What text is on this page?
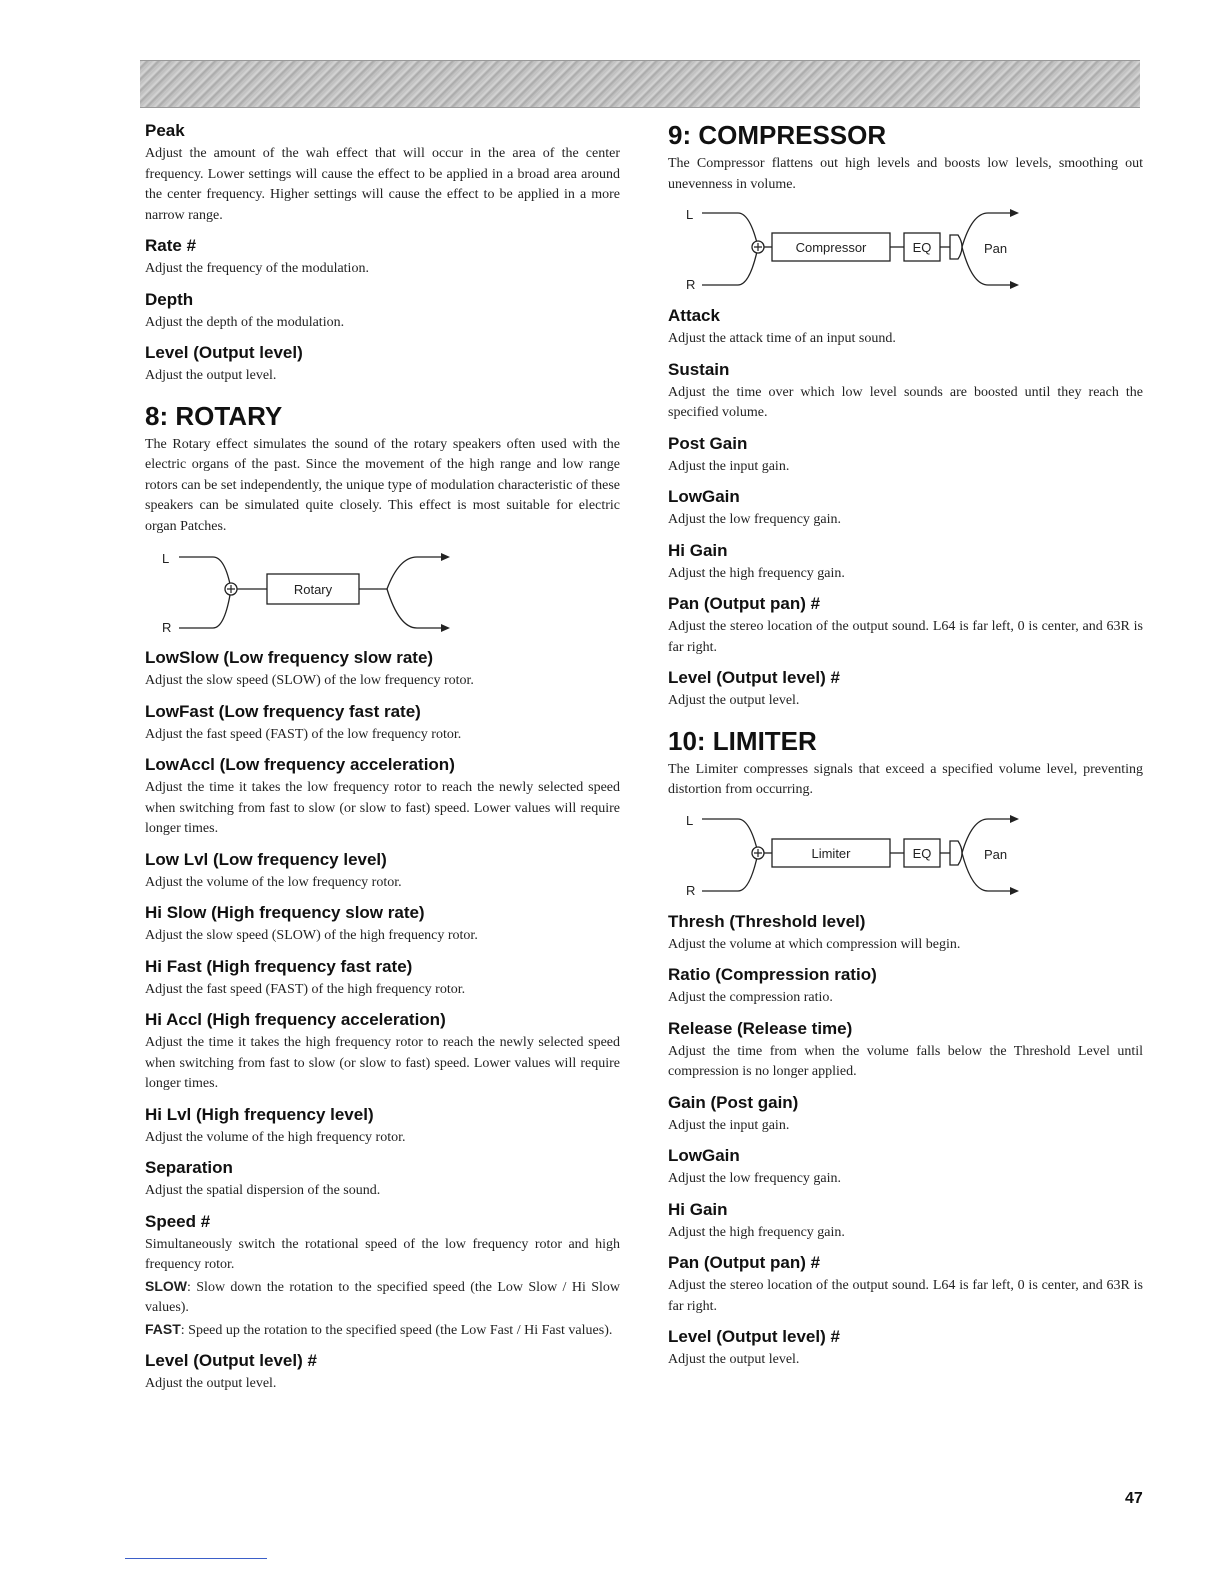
Peak

Adjust the amount of the wah effect that will occur in the area of the center frequency. Lower settings will cause the effect to be applied in a broad area around the center frequency. Higher settings will cause the effect to be applied in a more narrow range.

Rate #

Adjust the frequency of the modulation.

Depth

Adjust the depth of the modulation.

Level (Output level)

Adjust the output level.

8: ROTARY

The Rotary effect simulates the sound of the rotary speakers often used with the electric organs of the past. Since the movement of the high range and low range rotors can be set independently, the unique type of modulation characteristic of these speakers can be simulated quite closely. This effect is most suitable for electric organ Patches.

L
R
Rotary
LowSlow (Low frequency slow rate)

Adjust the slow speed (SLOW) of the low frequency rotor.

LowFast (Low frequency fast rate)

Adjust the fast speed (FAST) of the low frequency rotor.

LowAccl (Low frequency acceleration)

Adjust the time it takes the low frequency rotor to reach the newly selected speed when switching from fast to slow (or slow to fast) speed. Lower values will require longer times.

Low Lvl (Low frequency level)

Adjust the volume of the low frequency rotor.

Hi Slow (High frequency slow rate)

Adjust the slow speed (SLOW) of the high frequency rotor.

Hi Fast (High frequency fast rate)

Adjust the fast speed (FAST) of the high frequency rotor.

Hi Accl (High frequency acceleration)

Adjust the time it takes the high frequency rotor to reach the newly selected speed when switching from fast to slow (or slow to fast) speed. Lower values will require longer times.

Hi Lvl (High frequency level)

Adjust the volume of the high frequency rotor.

Separation

Adjust the spatial dispersion of the sound.

Speed #

Simultaneously switch the rotational speed of the low frequency rotor and high frequency rotor.

SLOW: Slow down the rotation to the specified speed (the Low Slow / Hi Slow values).

FAST: Speed up the rotation to the specified speed (the Low Fast / Hi Fast values).

Level (Output level) #

Adjust the output level.

9: COMPRESSOR

The Compressor flattens out high levels and boosts low levels, smoothing out unevenness in volume.

L
R
Compressor	EQ	Pan
Attack

Adjust the attack time of an input sound.

Sustain

Adjust the time over which low level sounds are boosted until they reach the specified volume.

Post Gain

Adjust the input gain.

LowGain

Adjust the low frequency gain.

Hi Gain

Adjust the high frequency gain.

Pan (Output pan) #

Adjust the stereo location of the output sound. L64 is far left, 0 is center, and 63R is far right.

Level (Output level) #

Adjust the output level.

10: LIMITER

The Limiter compresses signals that exceed a specified volume level, preventing distortion from occurring.

L
R
Limiter	EQ	Pan
Thresh (Threshold level)

Adjust the volume at which compression will begin.

Ratio (Compression ratio)

Adjust the compression ratio.

Release (Release time)

Adjust the time from when the volume falls below the Threshold Level until compression is no longer applied.

Gain (Post gain)

Adjust the input gain.

LowGain

Adjust the low frequency gain.

Hi Gain

Adjust the high frequency gain.

Pan (Output pan) #

Adjust the stereo location of the output sound. L64 is far left, 0 is center, and 63R is far right.

Level (Output level) #

Adjust the output level.

47
